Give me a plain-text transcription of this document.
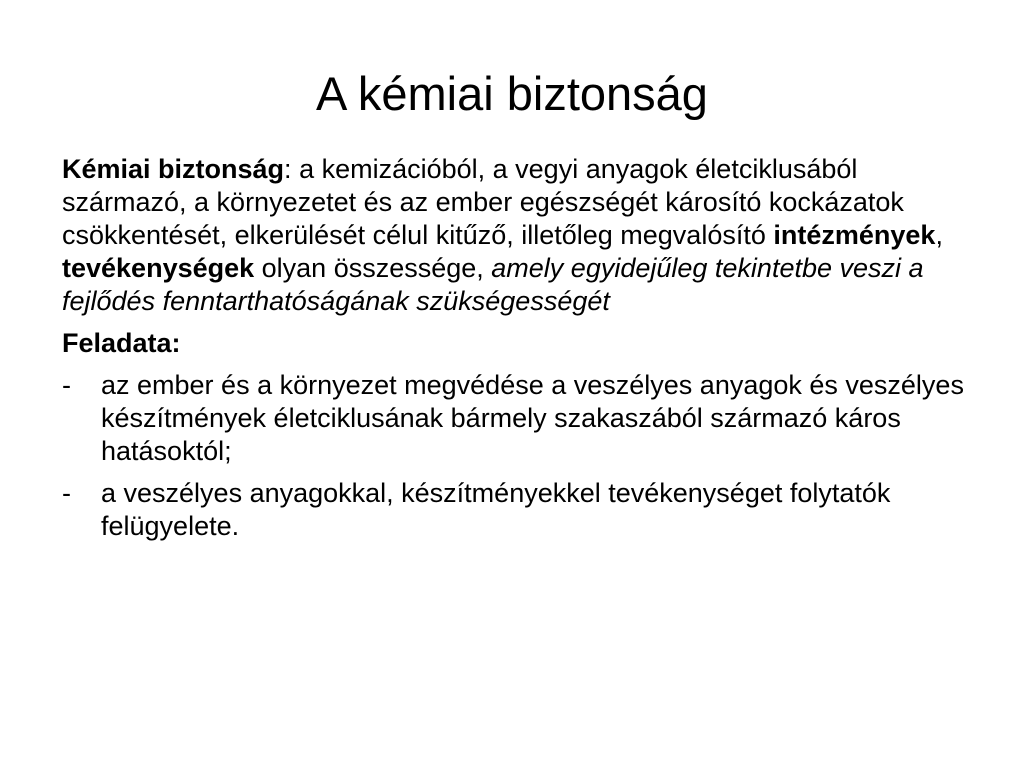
A kémiai biztonság

Kémiai biztonság: a kemizációból, a vegyi anyagok életciklusából származó, a környezetet és az ember egészségét károsító kockázatok csökkentését, elkerülését célul kitűző, illetőleg megvalósító intézmények, tevékenységek olyan összessége, amely egyidejűleg tekintetbe veszi a fejlődés fenntarthatóságának szükségességét

Feladata:

- az ember és a környezet megvédése a veszélyes anyagok és veszélyes készítmények életciklusának bármely szakaszából származó káros hatásoktól;
- a veszélyes anyagokkal, készítményekkel tevékenységet folytatók felügyelete.
